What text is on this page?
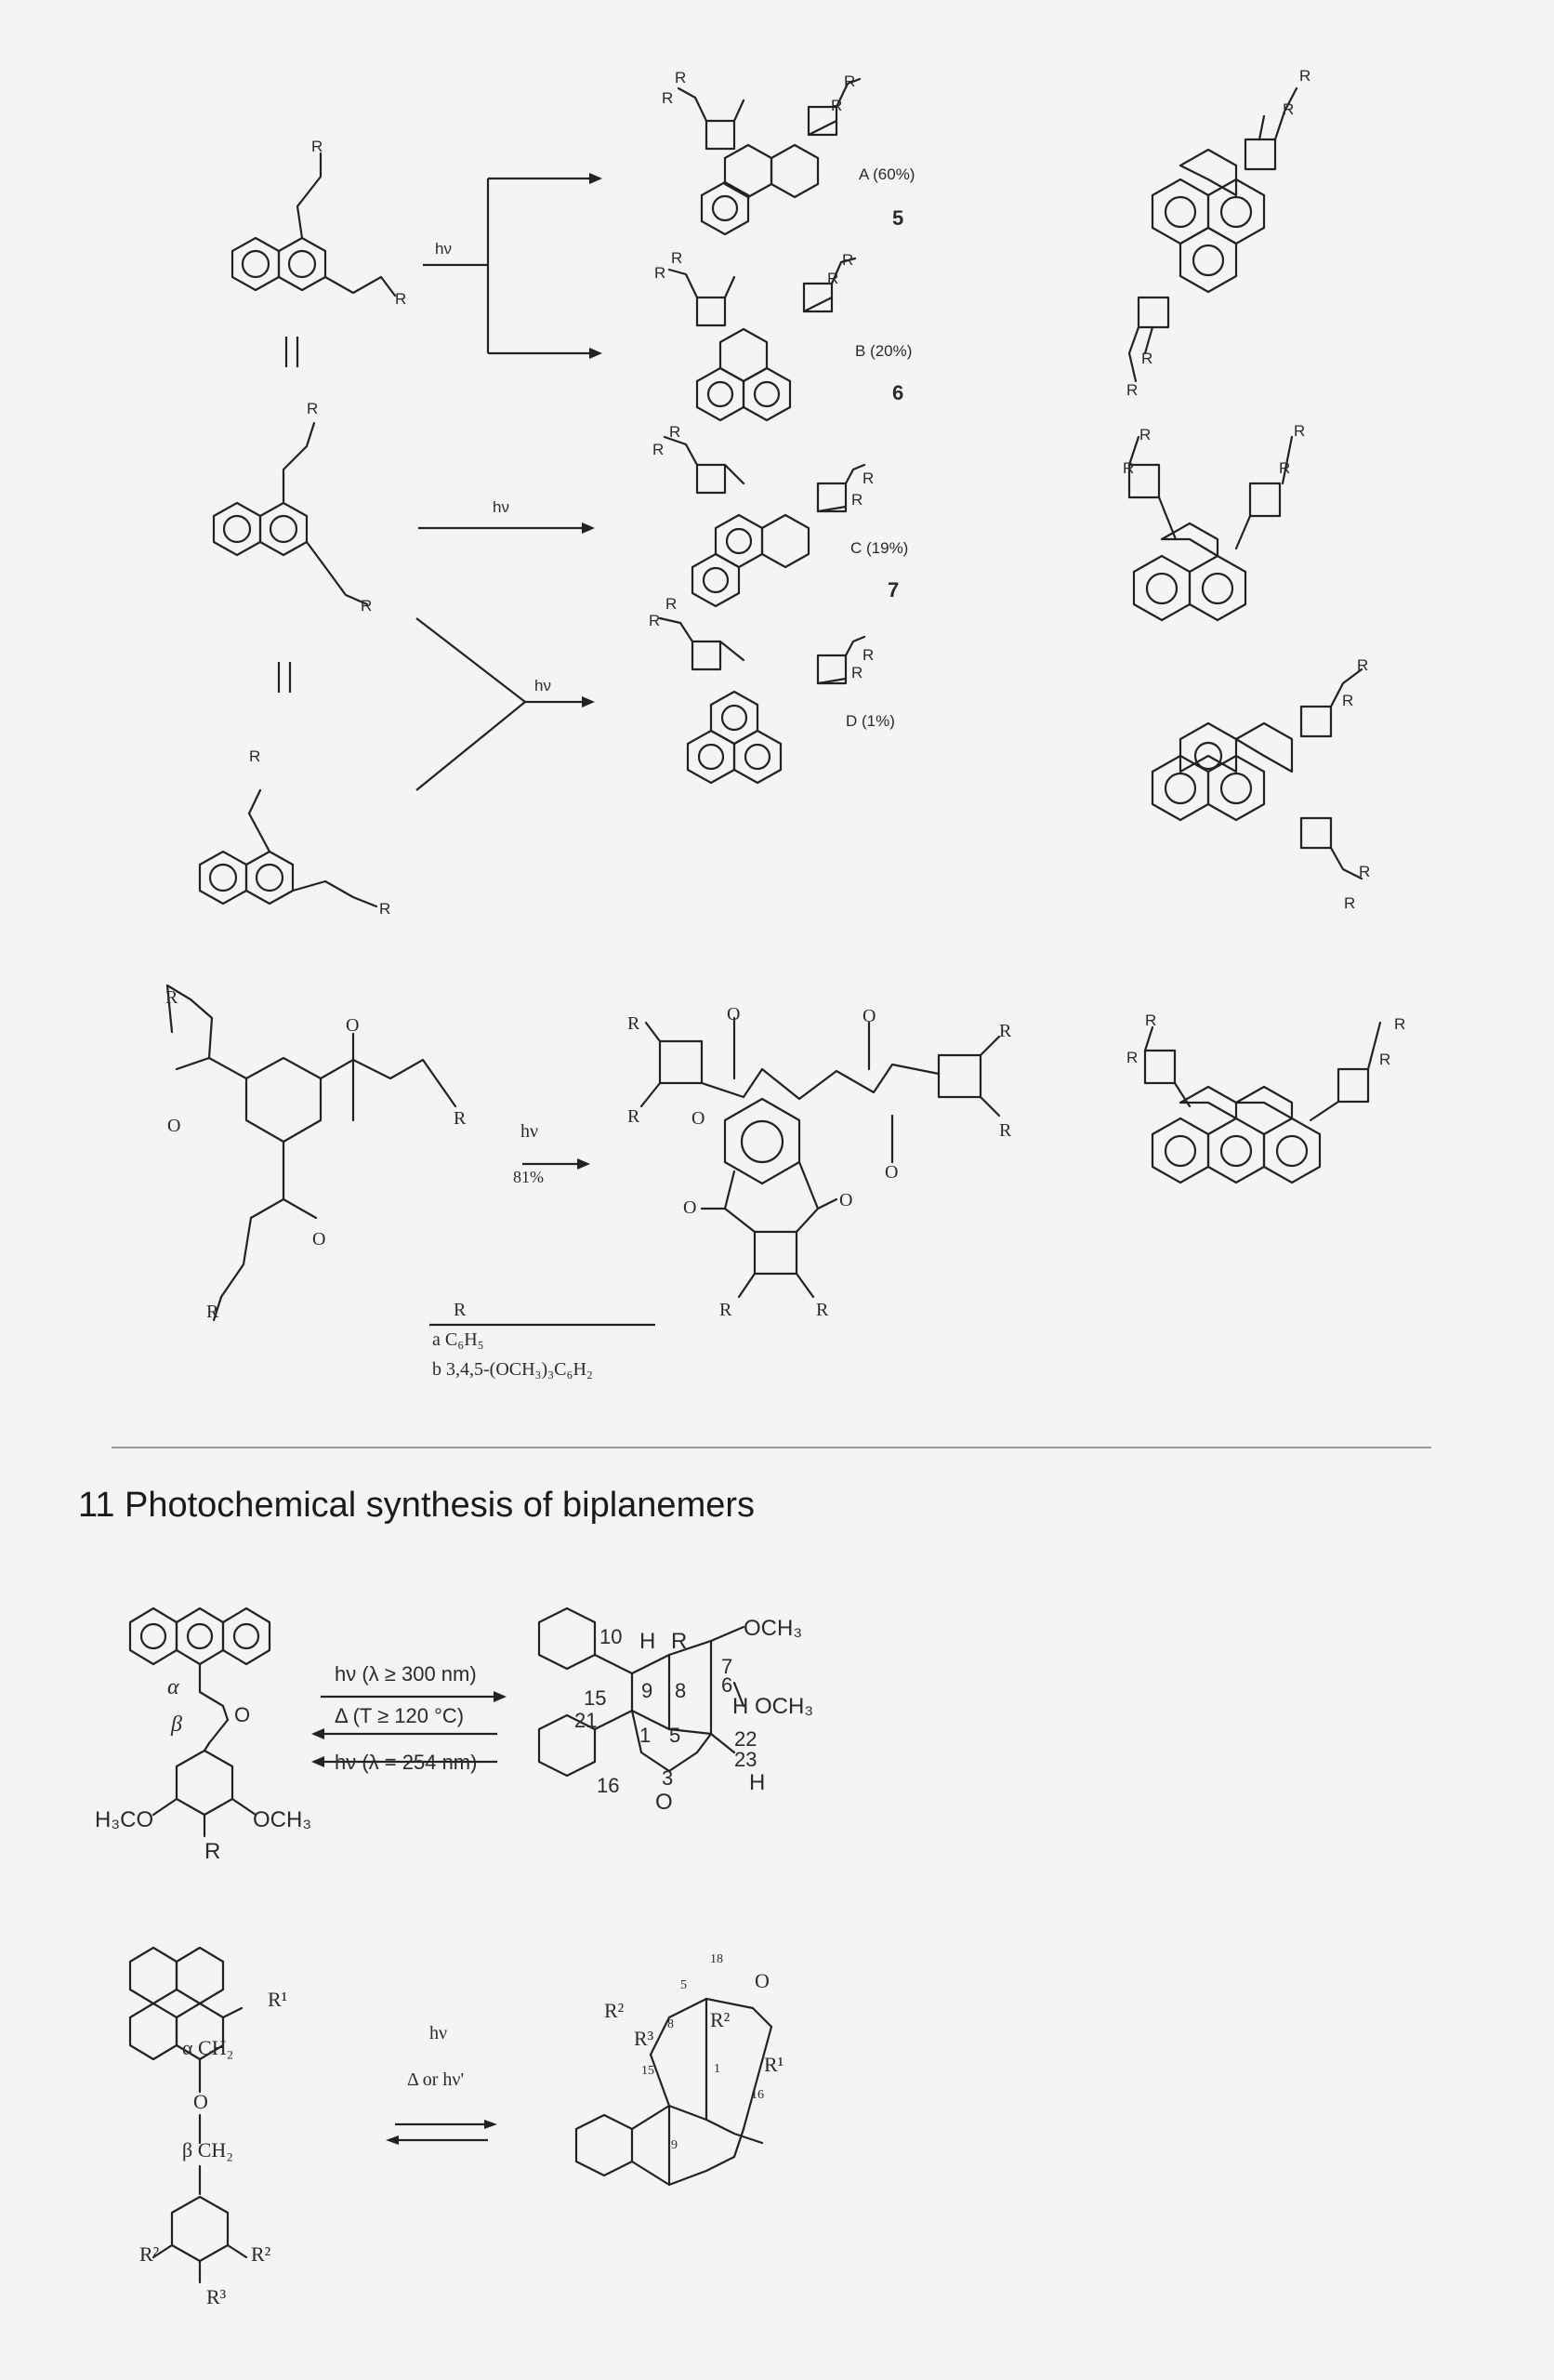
hν
hν
hν
A (60%)
5
B (20%)
6
C (19%)
7
D (1%)
R
R
R
R
R
R
R
R
R
R
R
R
R
R
R
R
R
R
R
R
R
R
R
R
R
R
R
R
R
R
R
R
R
R
R
R
R
O
O
O
hν
81%
R
a C₆H₅
b 3,4,5-(OCH₃)₃C₆H₂
R
R
R
R
R	R
O	O
O
O
O	O
R
R
R
R
11 Photochemical synthesis of biplanemers
hν (λ ≥ 300 nm)
Δ (T ≥ 120 °C)
hν (λ = 254 nm)
α
β	O
H₃CO	OCH₃
R
10 H R
OCH₃
9 8
7
6
H OCH₃
15
21
1 5	22
23
H
16 3
O
R¹
α CH₂
O
β CH₂
R²	R²
R³
hν
Δ or hν'
R²
R³
R²
R¹
O
18
5
8
1
15
16
9
